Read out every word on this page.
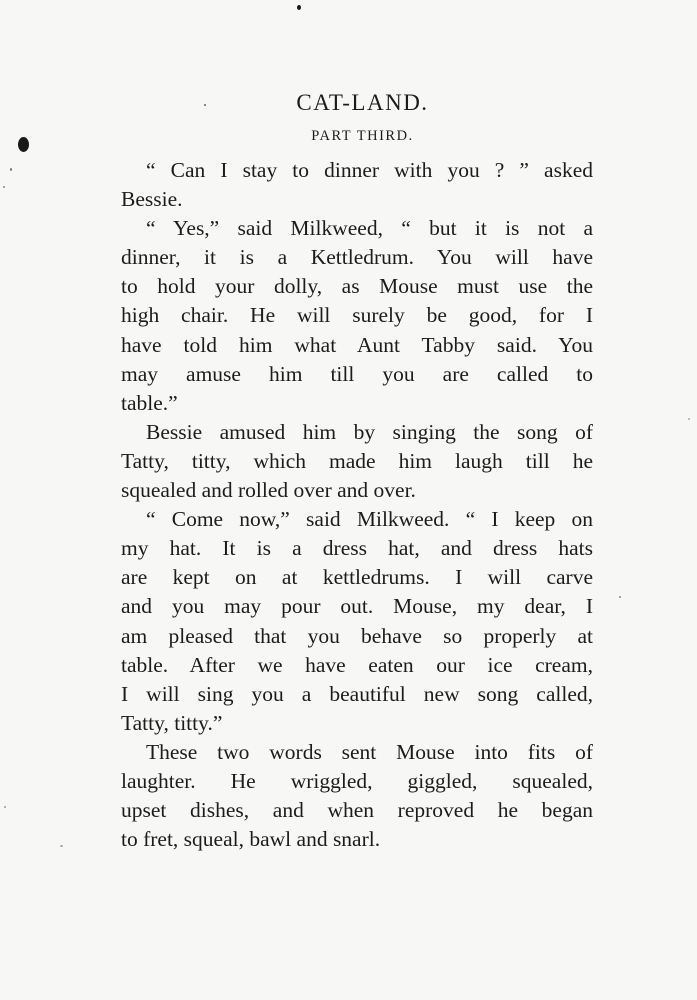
CAT-LAND.
PART THIRD.
“ Can I stay to dinner with you ? ” asked
Bessie.
“ Yes,” said Milkweed, “ but it is not a
dinner, it is a Kettledrum. You will have
to hold your dolly, as Mouse must use the
high chair. He will surely be good, for I
have told him what Aunt Tabby said. You
may amuse him till you are called to
table.”
Bessie amused him by singing the song of
Tatty, titty, which made him laugh till he
squealed and rolled over and over.
“ Come now,” said Milkweed. “ I keep on
my hat. It is a dress hat, and dress hats
are kept on at kettledrums. I will carve
and you may pour out. Mouse, my dear, I
am pleased that you behave so properly at
table. After we have eaten our ice cream,
I will sing you a beautiful new song called,
Tatty, titty.”
These two words sent Mouse into fits of
laughter. He wriggled, giggled, squealed,
upset dishes, and when reproved he began
to fret, squeal, bawl and snarl.
